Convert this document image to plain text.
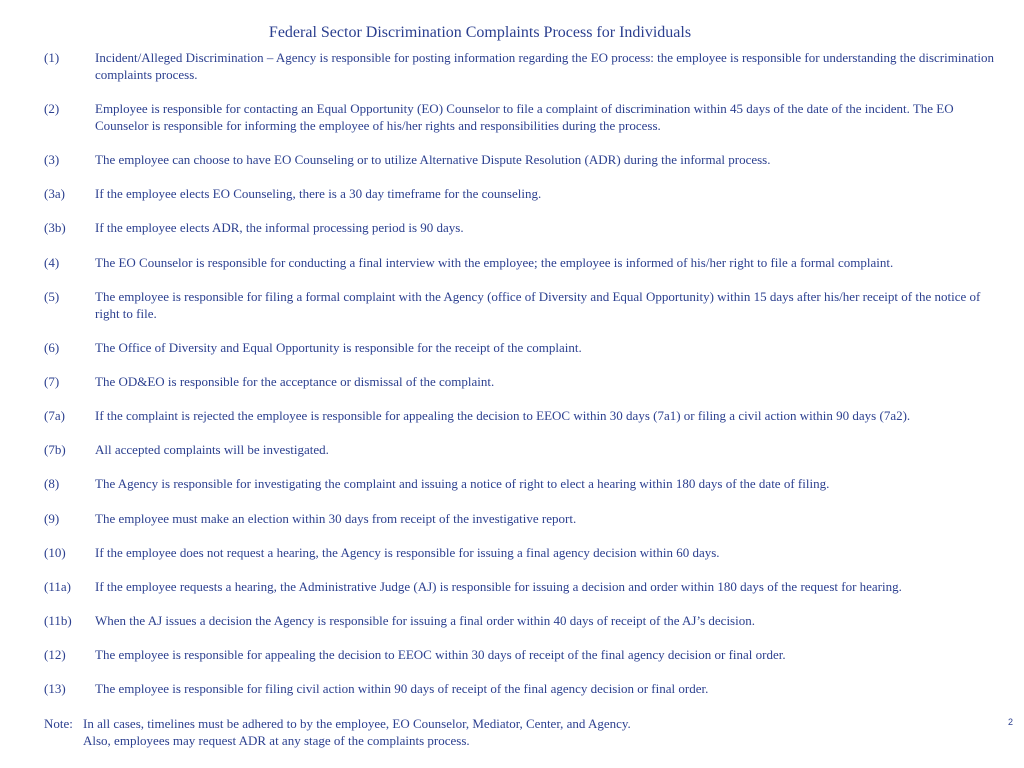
Federal Sector Discrimination Complaints Process for Individuals
(1)	Incident/Alleged Discrimination – Agency is responsible for posting information regarding the EO process: the employee is responsible for understanding the discrimination complaints process.
(2)	Employee is responsible for contacting an Equal Opportunity (EO) Counselor to file a complaint of discrimination within 45 days of the date of the incident. The EO Counselor is responsible for informing the employee of his/her rights and responsibilities during the process.
(3)	The employee can choose to have EO Counseling or to utilize Alternative Dispute Resolution (ADR) during the informal process.
(3a)	If the employee elects EO Counseling, there is a 30 day timeframe for the counseling.
(3b)	If the employee elects ADR, the informal processing period is 90 days.
(4)	The EO Counselor is responsible for conducting a final interview with the employee; the employee is informed of his/her right to file a formal complaint.
(5)	The employee is responsible for filing a formal complaint with the Agency (office of Diversity and Equal Opportunity) within 15 days after his/her receipt of the notice of right to file.
(6)	The Office of Diversity and Equal Opportunity is responsible for the receipt of the complaint.
(7)	The OD&EO is responsible for the acceptance or dismissal of the complaint.
(7a)	If the complaint is rejected the employee is responsible for appealing the decision to EEOC within 30 days (7a1) or filing a civil action within 90 days (7a2).
(7b)	All accepted complaints will be investigated.
(8)	The Agency is responsible for investigating the complaint and issuing a notice of right to elect a hearing within 180 days of the date of filing.
(9)	The employee must make an election within 30 days from receipt of the investigative report.
(10)	If the employee does not request a hearing, the Agency is responsible for issuing a final agency decision within 60 days.
(11a)	If the employee requests a hearing, the Administrative Judge (AJ) is responsible for issuing a decision and order within 180 days of the request for hearing.
(11b)	When the AJ issues a decision the Agency is responsible for issuing a final order within 40 days of receipt of the AJ’s decision.
(12)	The employee is responsible for appealing the decision to EEOC within 30 days of receipt of the final agency decision or final order.
(13)	The employee is responsible for filing civil action within 90 days of receipt of the final agency decision or final order.
Note: In all cases, timelines must be adhered to by the employee, EO Counselor, Mediator, Center, and Agency.
Also, employees may request ADR at any stage of the complaints process.
2
